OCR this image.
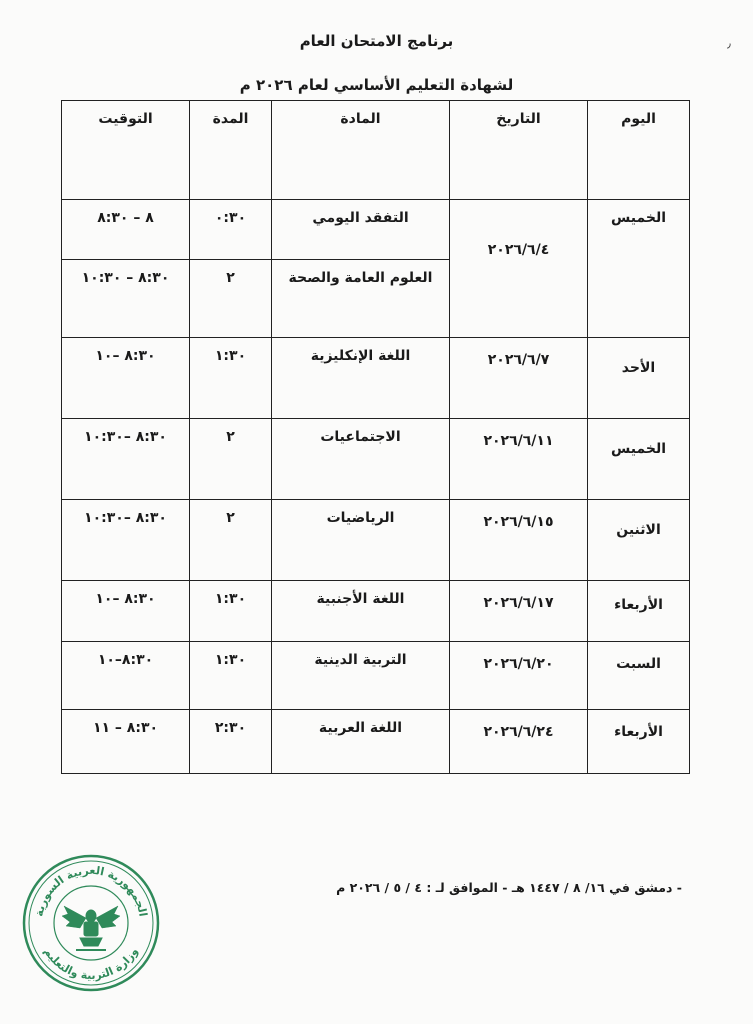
٫
برنامج الامتحان العام
لشهادة التعليم الأساسي لعام ٢٠٢٦ م
اليوم	التاريخ	المادة	المدة	التوقيت
الخميس	٢٠٢٦/٦/٤	التفقد اليومي	٠:٣٠	٨ – ٨:٣٠
		العلوم العامة والصحة	٢	٨:٣٠ – ١٠:٣٠
الأحد	٢٠٢٦/٦/٧	اللغة الإنكليزية	١:٣٠	٨:٣٠ –١٠
الخميس	٢٠٢٦/٦/١١	الاجتماعيات	٢	٨:٣٠ –١٠:٣٠
الاثنين	٢٠٢٦/٦/١٥	الرياضيات	٢	٨:٣٠ –١٠:٣٠
الأربعاء	٢٠٢٦/٦/١٧	اللغة الأجنبية	١:٣٠	٨:٣٠ –١٠
السبت	٢٠٢٦/٦/٢٠	التربية الدينية	١:٣٠	٨:٣٠–١٠
الأربعاء	٢٠٢٦/٦/٢٤	اللغة العربية	٢:٣٠	٨:٣٠ – ١١
- دمشق في ١٦/ ٨ / ١٤٤٧ هـ - الموافق لـ : ٤ / ٥ / ٢٠٢٦ م
الجمهورية العربية السورية
وزارة التربية والتعليم
